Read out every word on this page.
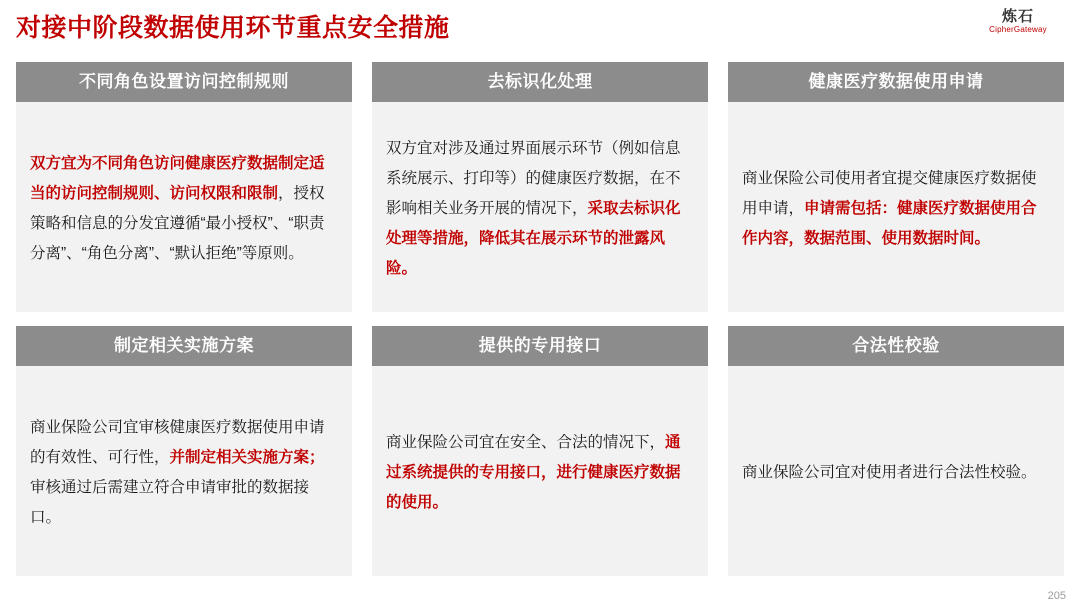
对接中阶段数据使用环节重点安全措施	炼石
CipherGateway
不同角色设置访问控制规则
双方宜为不同角色访问健康医疗数据制定适当的访问控制规则、访问权限和限制，授权策略和信息的分发宜遵循“最小授权”、“职责分离”、“角色分离”、“默认拒绝”等原则。
去标识化处理
双方宜对涉及通过界面展示环节（例如信息系统展示、打印等）的健康医疗数据，在不影响相关业务开展的情况下，采取去标识化处理等措施，降低其在展示环节的泄露风险。
健康医疗数据使用申请
商业保险公司使用者宜提交健康医疗数据使用申请，申请需包括：健康医疗数据使用合作内容，数据范围、使用数据时间。
制定相关实施方案
商业保险公司宜审核健康医疗数据使用申请的有效性、可行性，并制定相关实施方案；审核通过后需建立符合申请审批的数据接口。
提供的专用接口
商业保险公司宜在安全、合法的情况下，通过系统提供的专用接口，进行健康医疗数据的使用。
合法性校验
商业保险公司宜对使用者进行合法性校验。
205
